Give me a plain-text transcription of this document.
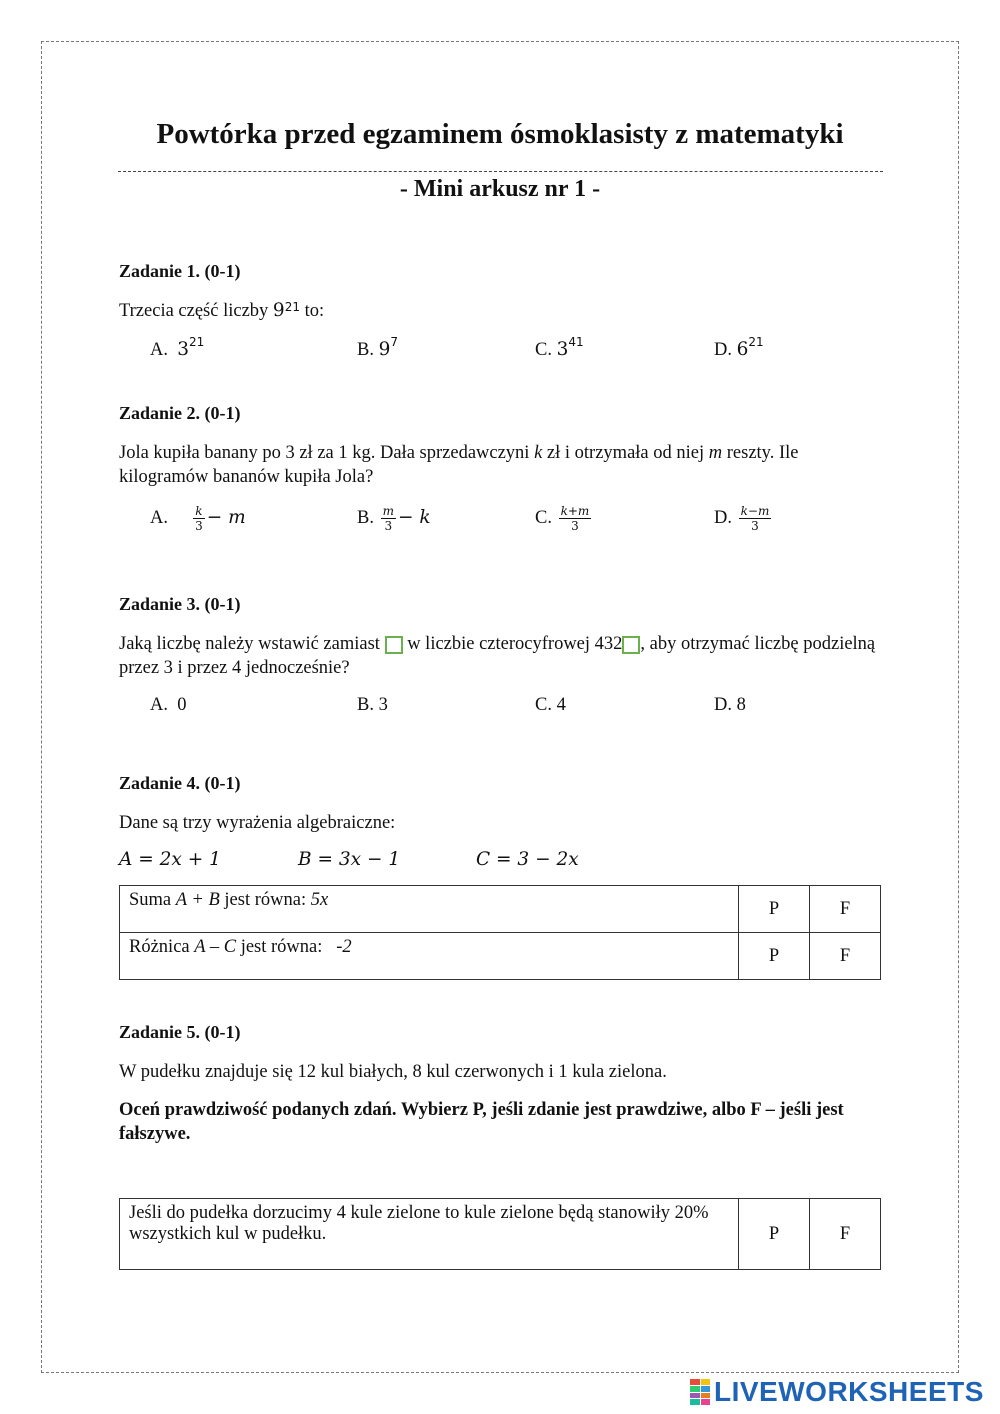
Powtórka przed egzaminem ósmoklasisty z matematyki
- Mini arkusz nr 1 -
Zadanie 1. (0-1)
Trzecia część liczby $9^{21}$ to:
A. $3^{21}$	B. $9^7$	C. $3^{41}$	D. $6^{21}$
Zadanie 2. (0-1)
Jola kupiła banany po 3 zł za 1 kg. Dała sprzedawczyni k zł i otrzymała od niej m reszty. Ile kilogramów bananów kupiła Jola?
A. $\frac{k}{3} - m$	B. $\frac{m}{3} - k$	C. $\frac{k+m}{3}$	D. $\frac{k-m}{3}$
Zadanie 3. (0-1)
Jaką liczbę należy wstawić zamiast  w liczbie czterocyfrowej 432 , aby otrzymać liczbę podzielną przez 3 i przez 4 jednocześnie?
A. 0	B. 3	C. 4	D. 8
Zadanie 4. (0-1)
Dane są trzy wyrażenia algebraiczne:
A = 2x + 1	B = 3x − 1	C = 3 − 2x
Suma A + B jest równa: 5x	P	F
Różnica A – C jest równa:   -2	P	F
Zadanie 5. (0-1)
W pudełku znajduje się 12 kul białych, 8 kul czerwonych i 1 kula zielona.
Oceń prawdziwość podanych zdań. Wybierz P, jeśli zdanie jest prawdziwe, albo F – jeśli jest fałszywe.
Jeśli do pudełka dorzucimy 4 kule zielone to kule zielone będą stanowiły 20% wszystkich kul w pudełku.	P	F
LIVEWORKSHEETS
